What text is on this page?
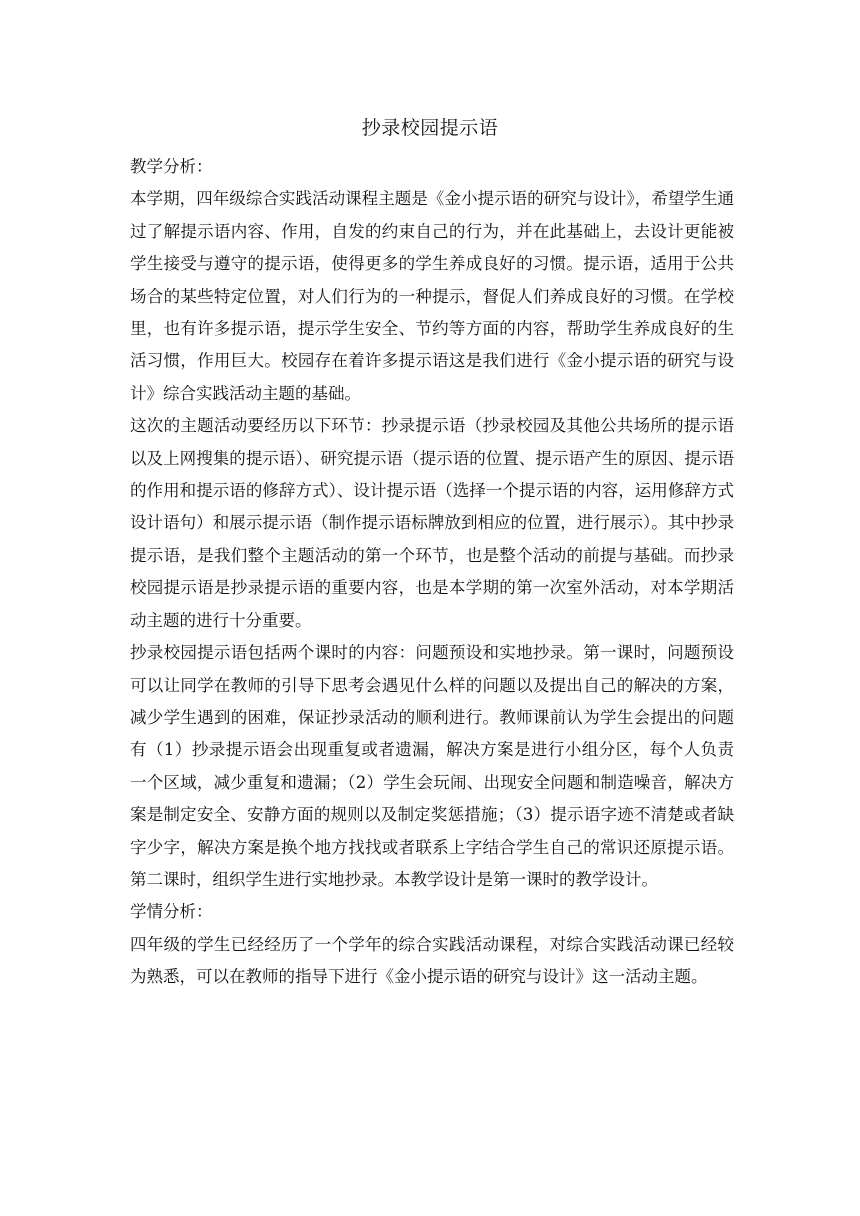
抄录校园提示语

教学分析：

本学期，四年级综合实践活动课程主题是《金小提示语的研究与设计》，希望学生通过了解提示语内容、作用，自发的约束自己的行为，并在此基础上，去设计更能被学生接受与遵守的提示语，使得更多的学生养成良好的习惯。提示语，适用于公共场合的某些特定位置，对人们行为的一种提示，督促人们养成良好的习惯。在学校里，也有许多提示语，提示学生安全、节约等方面的内容，帮助学生养成良好的生活习惯，作用巨大。校园存在着许多提示语这是我们进行《金小提示语的研究与设计》综合实践活动主题的基础。

这次的主题活动要经历以下环节：抄录提示语（抄录校园及其他公共场所的提示语以及上网搜集的提示语）、研究提示语（提示语的位置、提示语产生的原因、提示语的作用和提示语的修辞方式）、设计提示语（选择一个提示语的内容，运用修辞方式设计语句）和展示提示语（制作提示语标牌放到相应的位置，进行展示）。其中抄录提示语，是我们整个主题活动的第一个环节，也是整个活动的前提与基础。而抄录校园提示语是抄录提示语的重要内容，也是本学期的第一次室外活动，对本学期活动主题的进行十分重要。

抄录校园提示语包括两个课时的内容：问题预设和实地抄录。第一课时，问题预设可以让同学在教师的引导下思考会遇见什么样的问题以及提出自己的解决的方案，减少学生遇到的困难，保证抄录活动的顺利进行。教师课前认为学生会提出的问题有（1）抄录提示语会出现重复或者遗漏，解决方案是进行小组分区，每个人负责一个区域，减少重复和遗漏；（2）学生会玩闹、出现安全问题和制造噪音，解决方案是制定安全、安静方面的规则以及制定奖惩措施；（3）提示语字迹不清楚或者缺字少字，解决方案是换个地方找找或者联系上字结合学生自己的常识还原提示语。第二课时，组织学生进行实地抄录。本教学设计是第一课时的教学设计。

学情分析：

四年级的学生已经经历了一个学年的综合实践活动课程，对综合实践活动课已经较为熟悉，可以在教师的指导下进行《金小提示语的研究与设计》这一活动主题。
